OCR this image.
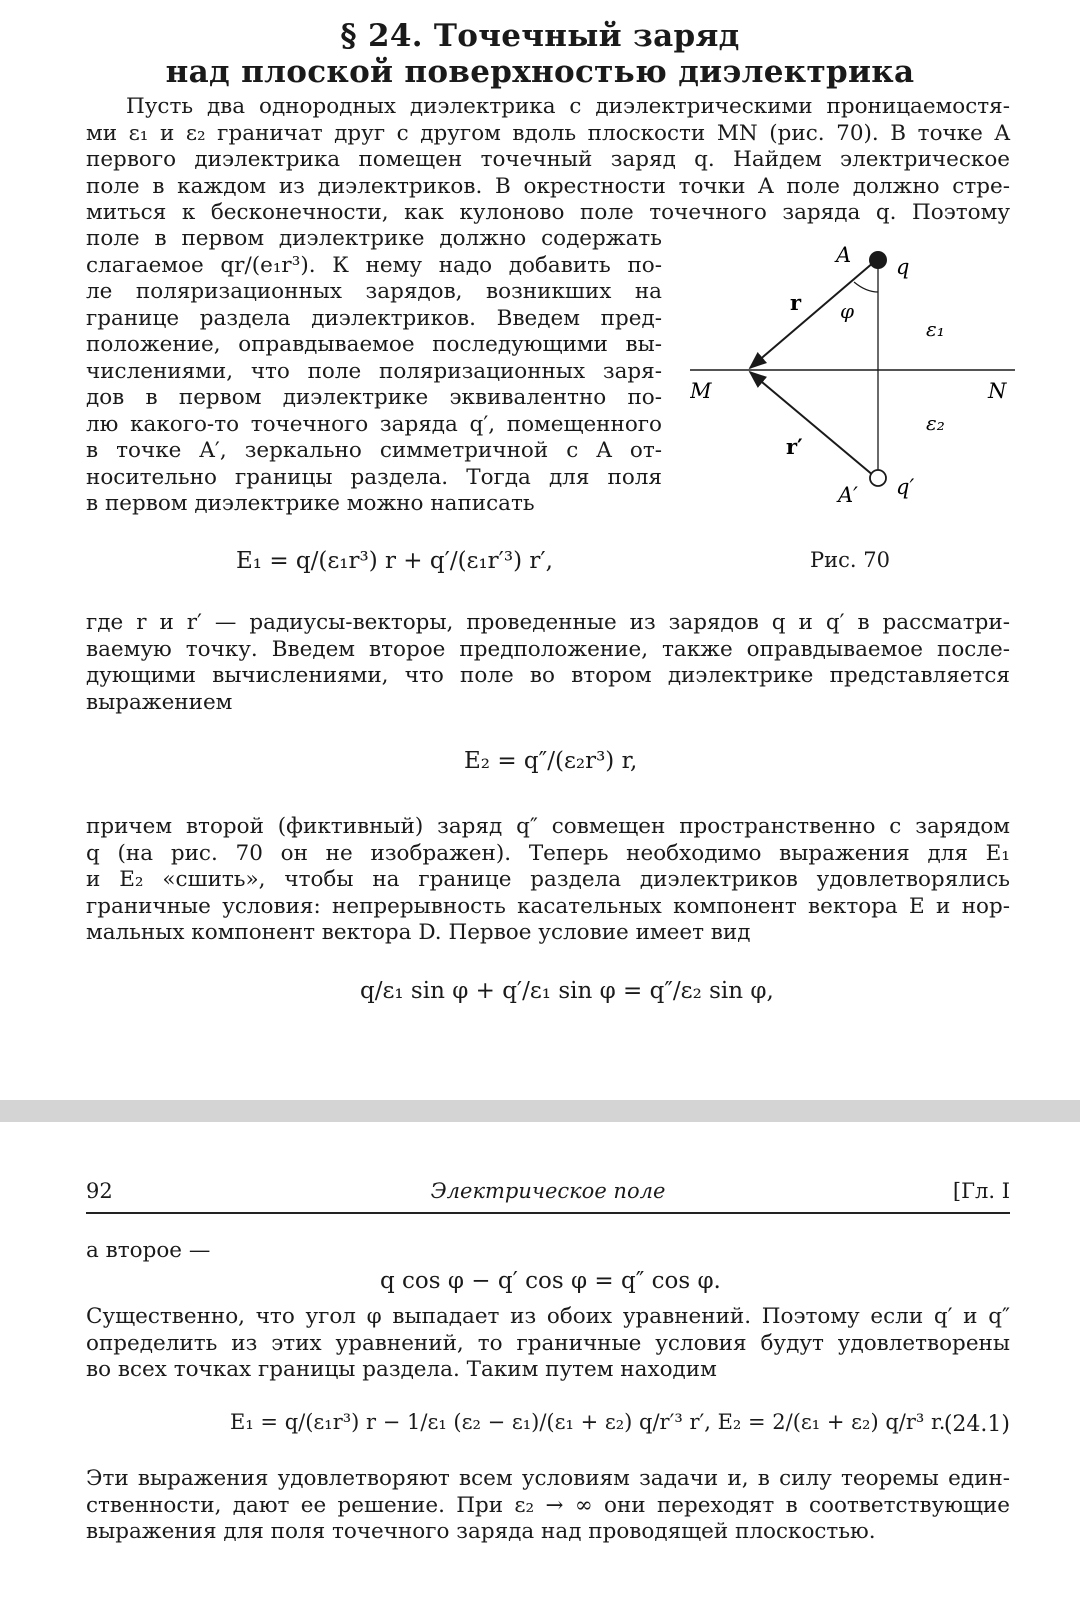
§ 24. Точечный заряд
над плоской поверхностью диэлектрика
Пусть два однородных диэлектрика с диэлектрическими проницаемостя-
ми ε₁ и ε₂ граничат друг с другом вдоль плоскости MN (рис. 70). В точке A
первого диэлектрика помещен точечный заряд q. Найдем электрическое
поле в каждом из диэлектриков. В окрестности точки A поле должно стре-
миться к бесконечности, как кулоново поле точечного заряда q. Поэтому
поле в первом диэлектрике должно содержать
слагаемое qr/(e₁r³). К нему надо добавить по-
ле поляризационных зарядов, возникших на
границе раздела диэлектриков. Введем пред-
положение, оправдываемое последующими вы-
числениями, что поле поляризационных заря-
дов в первом диэлектрике эквивалентно по-
лю какого-то точечного заряда q′, помещенного
в точке A′, зеркально симметричной с A от-
носительно границы раздела. Тогда для поля
в первом диэлектрике можно написать
A q
r φ
ε₁
M	N
ε₂
r′
A′ q′
Рис. 70
E₁ = q/(ε₁r³) r + q′/(ε₁r′³) r′,
где r и r′ — радиусы-векторы, проведенные из зарядов q и q′ в рассматри-
ваемую точку. Введем второе предположение, также оправдываемое после-
дующими вычислениями, что поле во втором диэлектрике представляется
выражением
E₂ = q″/(ε₂r³) r,
причем второй (фиктивный) заряд q″ совмещен пространственно с зарядом
q (на рис. 70 он не изображен). Теперь необходимо выражения для E₁
и E₂ «сшить», чтобы на границе раздела диэлектриков удовлетворялись
граничные условия: непрерывность касательных компонент вектора E и нор-
мальных компонент вектора D. Первое условие имеет вид
q/ε₁ sin φ + q′/ε₁ sin φ = q″/ε₂ sin φ,
92	Электрическое поле	[Гл. I
а второе —
q cos φ − q′ cos φ = q″ cos φ.
Существенно, что угол φ выпадает из обоих уравнений. Поэтому если q′ и q″
определить из этих уравнений, то граничные условия будут удовлетворены
во всех точках границы раздела. Таким путем находим
E₁ = q/(ε₁r³) r − 1/ε₁ (ε₂ − ε₁)/(ε₁ + ε₂) q/r′³ r′, E₂ = 2/(ε₁ + ε₂) q/r³ r.
(24.1)
Эти выражения удовлетворяют всем условиям задачи и, в силу теоремы един-
ственности, дают ее решение. При ε₂ → ∞ они переходят в соответствующие
выражения для поля точечного заряда над проводящей плоскостью.
